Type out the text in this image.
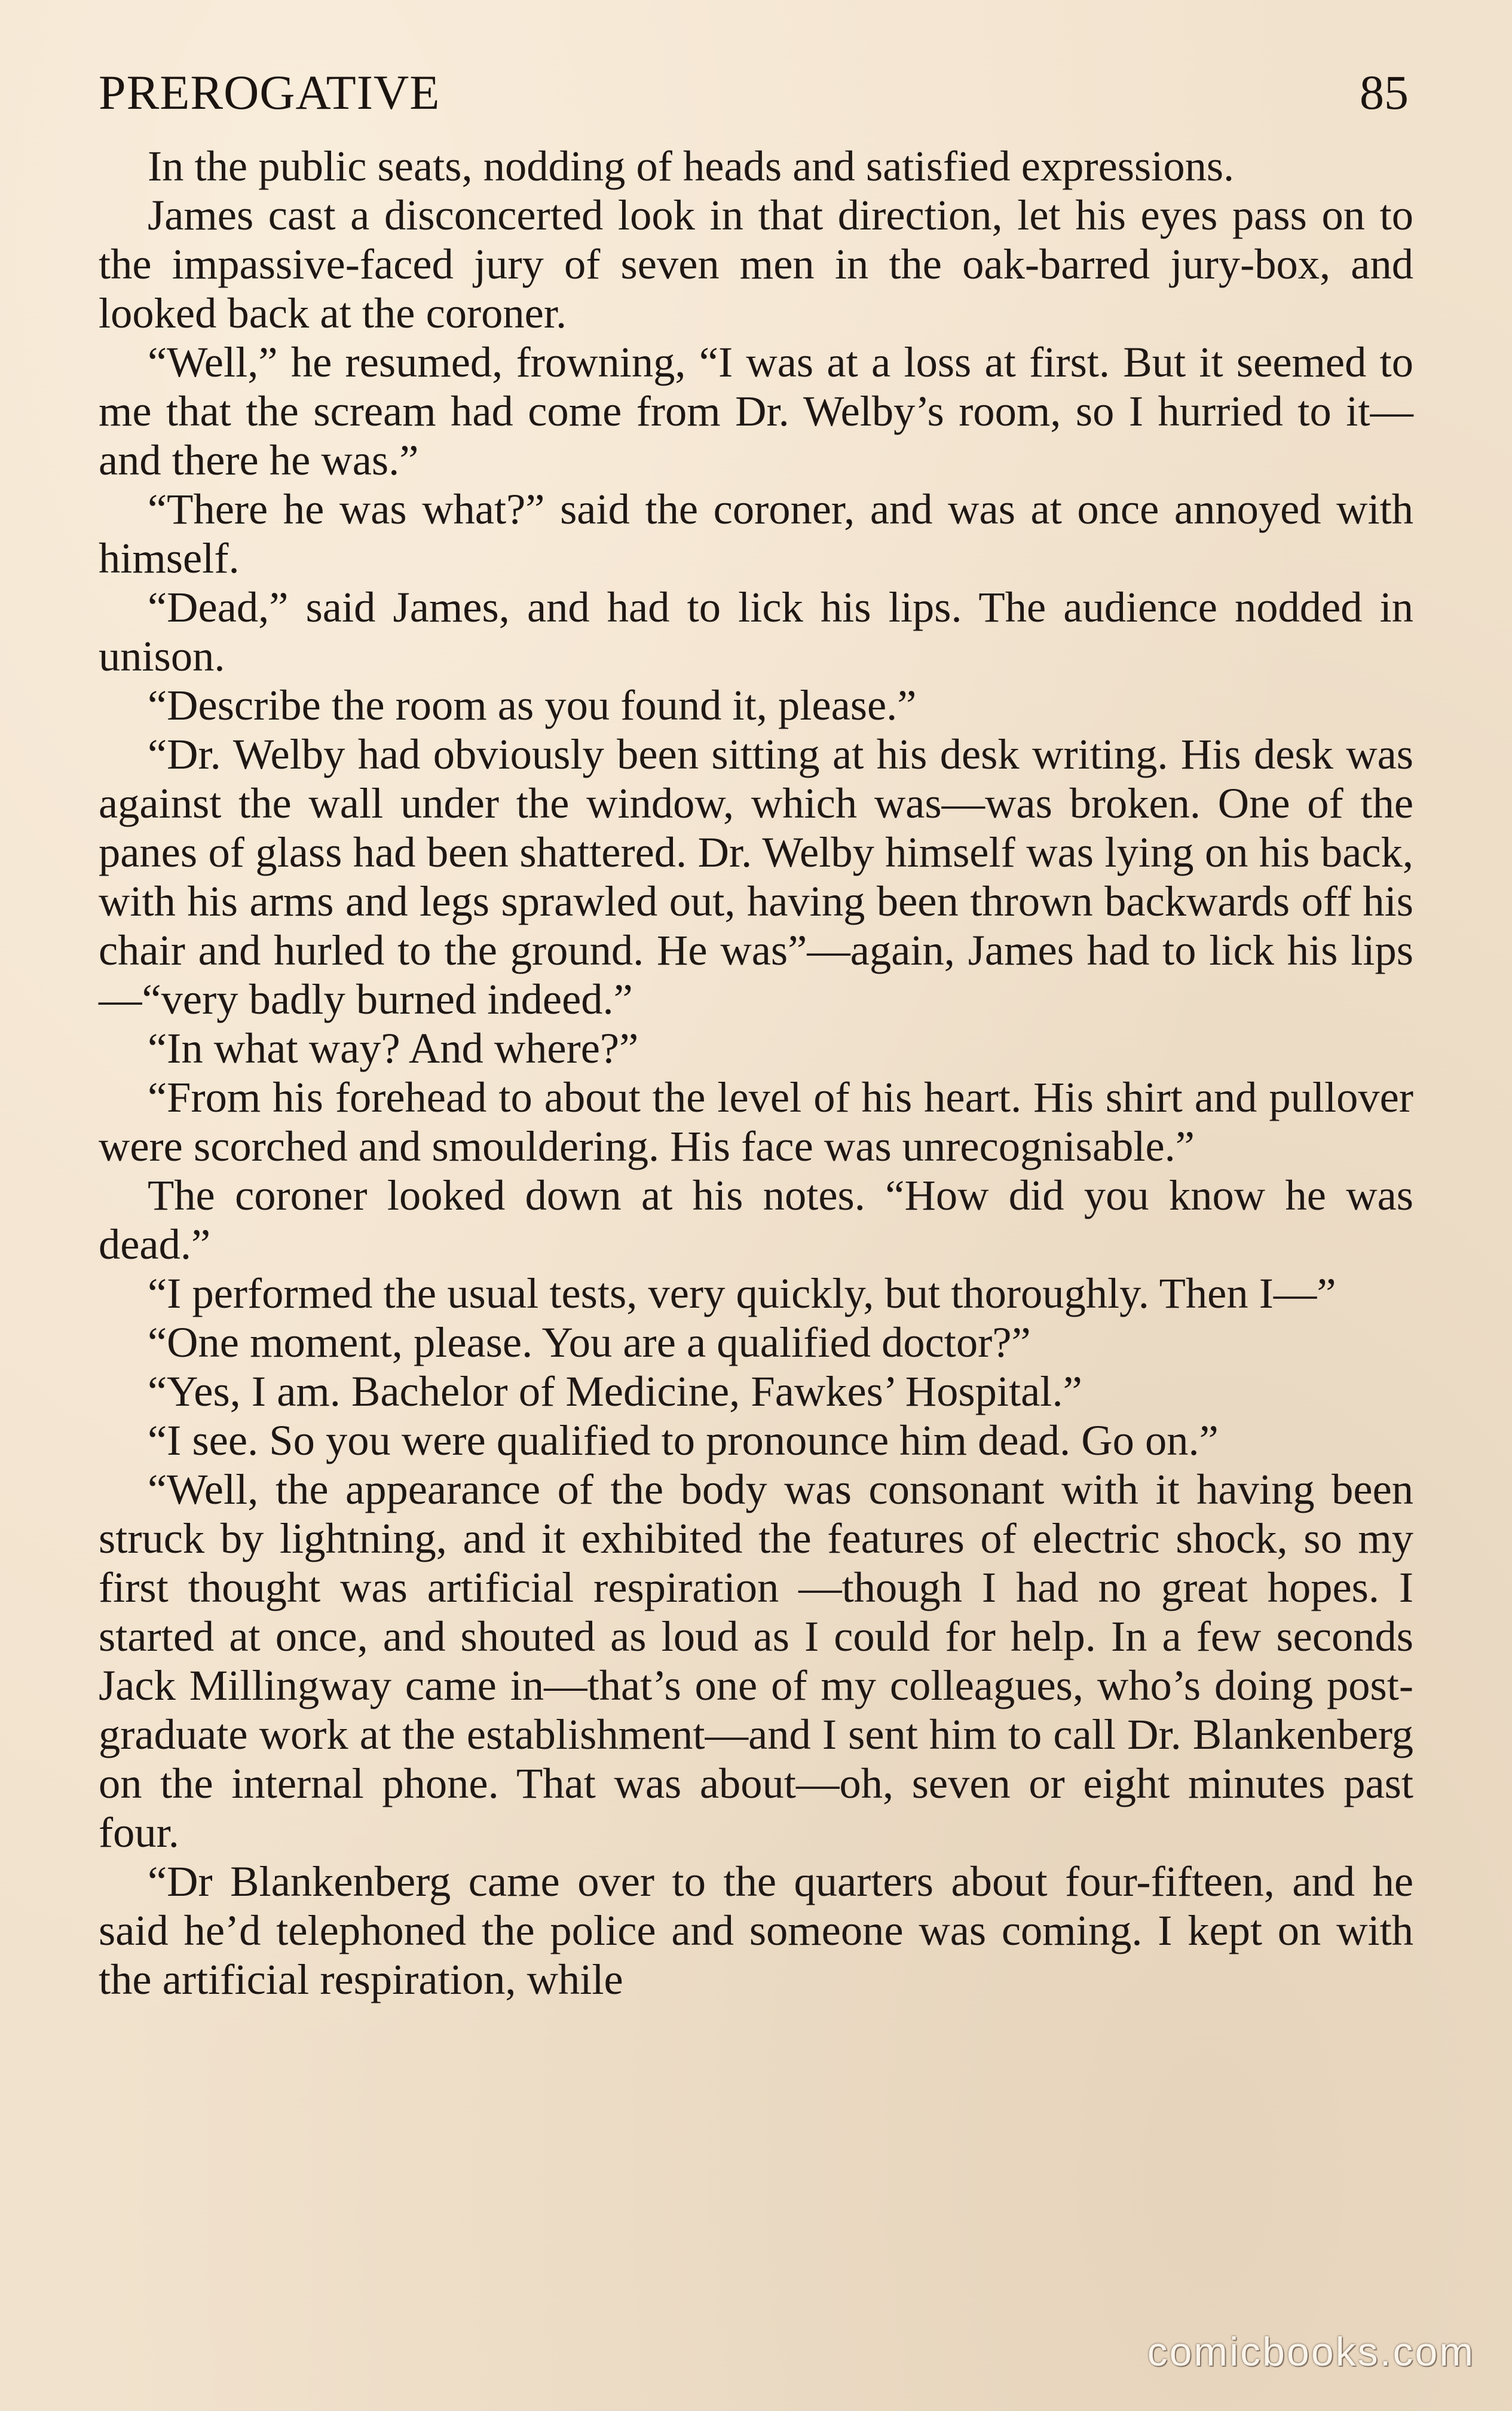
PREROGATIVE	85

In the public seats, nodding of heads and satisfied expressions.

James cast a disconcerted look in that direction, let his eyes pass on to the impassive-faced jury of seven men in the oak-barred jury-box, and looked back at the coroner.

“Well,” he resumed, frowning, “I was at a loss at first. But it seemed to me that the scream had come from Dr. Welby’s room, so I hurried to it—and there he was.”

“There he was what?” said the coroner, and was at once annoyed with himself.

“Dead,” said James, and had to lick his lips. The audience nodded in unison.

“Describe the room as you found it, please.”

“Dr. Welby had obviously been sitting at his desk writing. His desk was against the wall under the window, which was—was broken. One of the panes of glass had been shattered. Dr. Welby himself was lying on his back, with his arms and legs sprawled out, having been thrown backwards off his chair and hurled to the ground. He was”—again, James had to lick his lips—“very badly burned indeed.”

“In what way? And where?”

“From his forehead to about the level of his heart. His shirt and pullover were scorched and smouldering. His face was unrecognisable.”

The coroner looked down at his notes. “How did you know he was dead.”

“I performed the usual tests, very quickly, but thoroughly. Then I—”

“One moment, please. You are a qualified doctor?”

“Yes, I am. Bachelor of Medicine, Fawkes’ Hospital.”

“I see. So you were qualified to pronounce him dead. Go on.”

“Well, the appearance of the body was consonant with it having been struck by lightning, and it exhibited the features of electric shock, so my first thought was artificial respiration —though I had no great hopes. I started at once, and shouted as loud as I could for help. In a few seconds Jack Millingway came in—that’s one of my colleagues, who’s doing post-graduate work at the establishment—and I sent him to call Dr. Blankenberg on the internal phone. That was about—oh, seven or eight minutes past four.

“Dr Blankenberg came over to the quarters about four-fifteen, and he said he’d telephoned the police and someone was coming. I kept on with the artificial respiration, while

comicbooks.com
